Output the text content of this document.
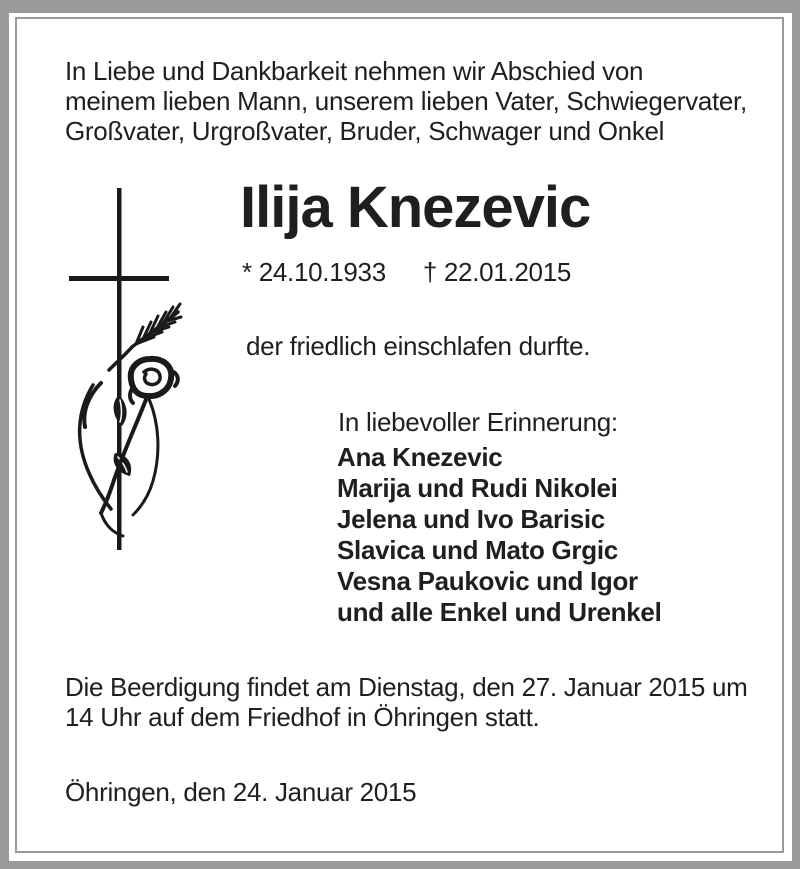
In Liebe und Dankbarkeit nehmen wir Abschied von
meinem lieben Mann, unserem lieben Vater, Schwiegervater,
Großvater, Urgroßvater, Bruder, Schwager und Onkel
Ilija Knezevic
* 24.10.1933 † 22.01.2015
der friedlich einschlafen durfte.
In liebevoller Erinnerung:
Ana Knezevic
Marija und Rudi Nikolei
Jelena und Ivo Barisic
Slavica und Mato Grgic
Vesna Paukovic und Igor
und alle Enkel und Urenkel
Die Beerdigung findet am Dienstag, den 27. Januar 2015 um
14 Uhr auf dem Friedhof in Öhringen statt.
Öhringen, den 24. Januar 2015
